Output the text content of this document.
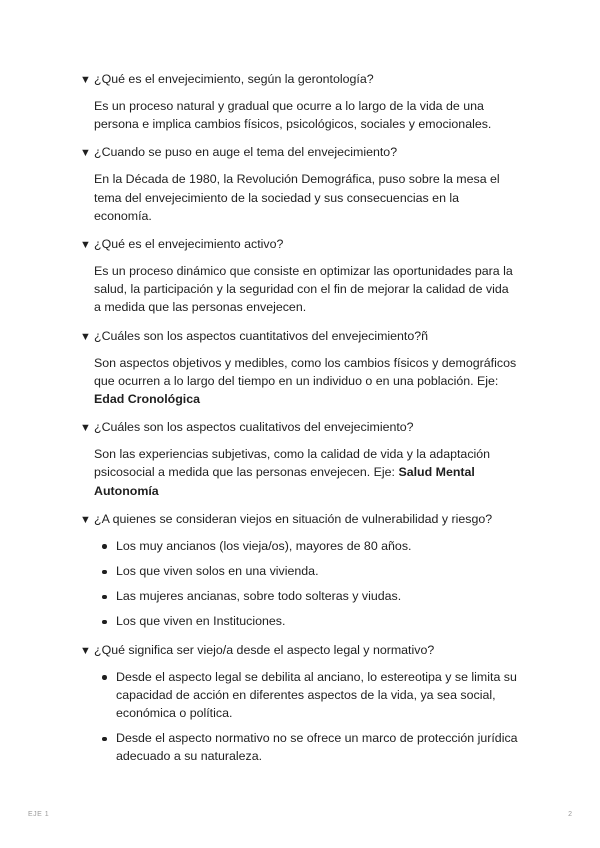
▼ ¿Qué es el envejecimiento, según la gerontología?

Es un proceso natural y gradual que ocurre a lo largo de la vida de una persona e implica cambios físicos, psicológicos, sociales y emocionales.

▼ ¿Cuando se puso en auge el tema del envejecimiento?

En la Década de 1980, la Revolución Demográfica, puso sobre la mesa el tema del envejecimiento de la sociedad y sus consecuencias en la economía.

▼ ¿Qué es el envejecimiento activo?

Es un proceso dinámico que consiste en optimizar las oportunidades para la salud, la participación y la seguridad con el fin de mejorar la calidad de vida a medida que las personas envejecen.

▼ ¿Cuáles son los aspectos cuantitativos del envejecimiento?ñ

Son aspectos objetivos y medibles, como los cambios físicos y demográficos que ocurren a lo largo del tiempo en un individuo o en una población. Eje: Edad Cronológica

▼ ¿Cuáles son los aspectos cualitativos del envejecimiento?

Son las experiencias subjetivas, como la calidad de vida y la adaptación psicosocial a medida que las personas envejecen. Eje: Salud Mental Autonomía

▼ ¿A quienes se consideran viejos en situación de vulnerabilidad y riesgo?
Los muy ancianos (los vieja/os), mayores de 80 años.
Los que viven solos en una vivienda.
Las mujeres ancianas, sobre todo solteras y viudas.
Los que viven en Instituciones.
▼ ¿Qué significa ser viejo/a desde el aspecto legal y normativo?
Desde el aspecto legal se debilita al anciano, lo estereotipa y se limita su capacidad de acción en diferentes aspectos de la vida, ya sea social, económica o política.
Desde el aspecto normativo no se ofrece un marco de protección jurídica adecuado a su naturaleza.
EJE 1	2
